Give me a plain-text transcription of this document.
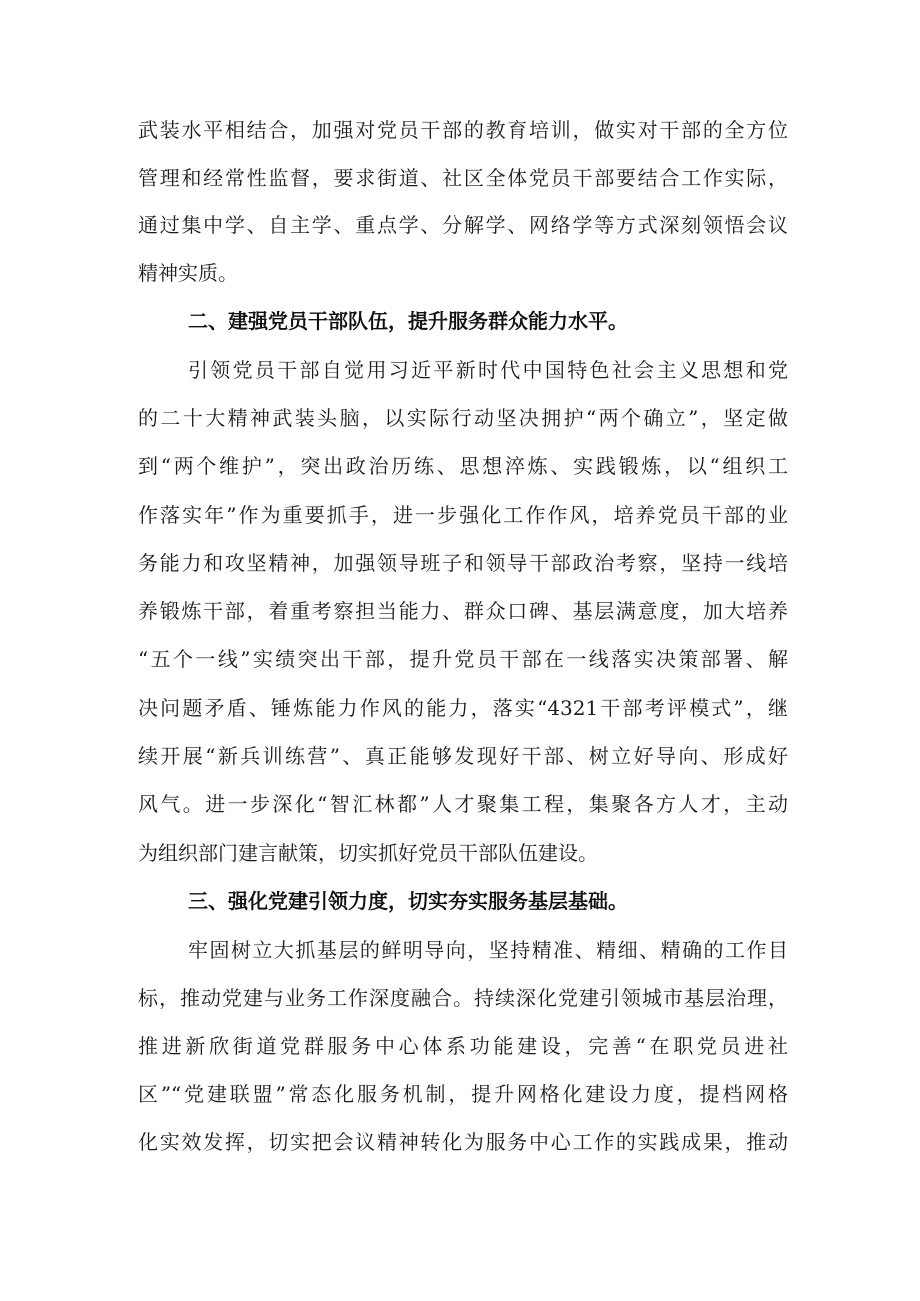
武装水平相结合，加强对党员干部的教育培训，做实对干部的全方位
管理和经常性监督，要求街道、社区全体党员干部要结合工作实际，
通过集中学、自主学、重点学、分解学、网络学等方式深刻领悟会议
精神实质。
二、建强党员干部队伍，提升服务群众能力水平。
引领党员干部自觉用习近平新时代中国特色社会主义思想和党
的二十大精神武装头脑，以实际行动坚决拥护“两个确立”，坚定做
到“两个维护”，突出政治历练、思想淬炼、实践锻炼，以“组织工
作落实年”作为重要抓手，进一步强化工作作风，培养党员干部的业
务能力和攻坚精神，加强领导班子和领导干部政治考察，坚持一线培
养锻炼干部，着重考察担当能力、群众口碑、基层满意度，加大培养
“五个一线”实绩突出干部，提升党员干部在一线落实决策部署、解
决问题矛盾、锤炼能力作风的能力，落实“4321干部考评模式”，继
续开展“新兵训练营”、真正能够发现好干部、树立好导向、形成好
风气。进一步深化“智汇林都”人才聚集工程，集聚各方人才，主动
为组织部门建言献策，切实抓好党员干部队伍建设。
三、强化党建引领力度，切实夯实服务基层基础。
牢固树立大抓基层的鲜明导向，坚持精准、精细、精确的工作目
标，推动党建与业务工作深度融合。持续深化党建引领城市基层治理，
推进新欣街道党群服务中心体系功能建设，完善“在职党员进社
区”“党建联盟”常态化服务机制，提升网格化建设力度，提档网格
化实效发挥，切实把会议精神转化为服务中心工作的实践成果，推动
